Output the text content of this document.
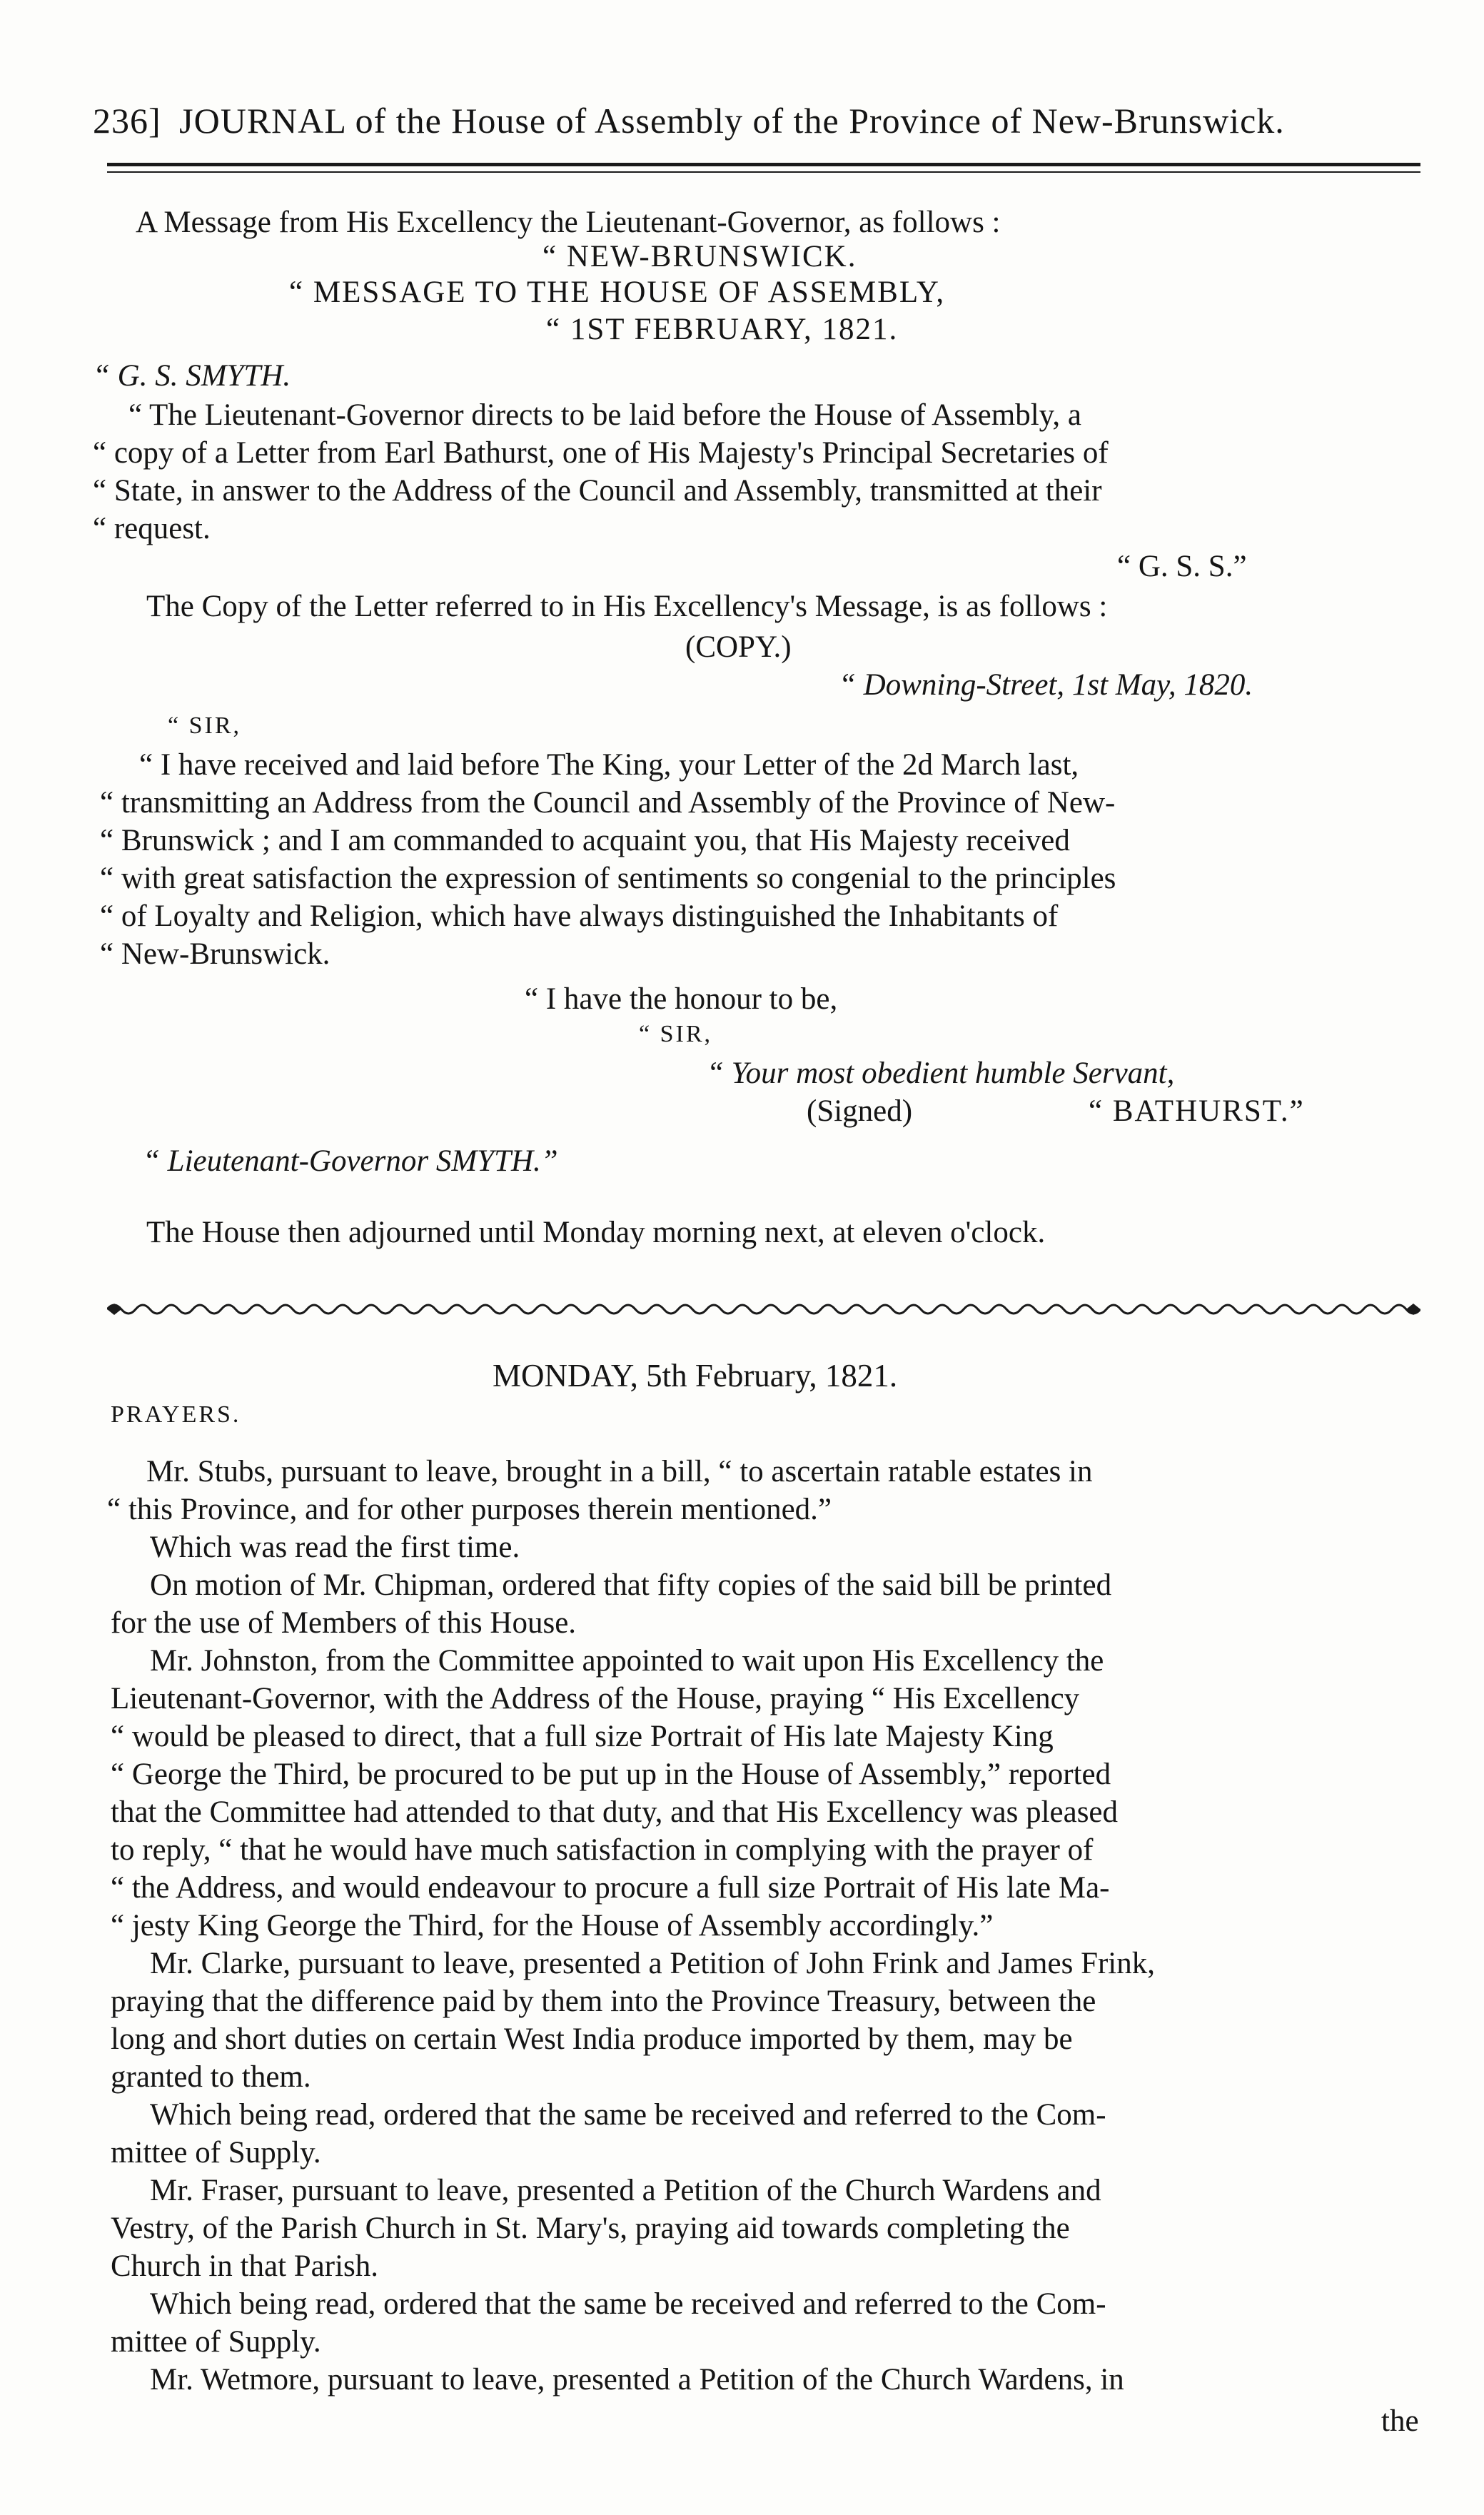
236] JOURNAL of the House of Assembly of the Province of New-Brunswick.
A Message from His Excellency the Lieutenant-Governor, as follows :
“ NEW-BRUNSWICK.
“ MESSAGE TO THE HOUSE OF ASSEMBLY,
“ 1ST FEBRUARY, 1821.
“ G. S. SMYTH.
“ The Lieutenant-Governor directs to be laid before the House of Assembly, a
“ copy of a Letter from Earl Bathurst, one of His Majesty's Principal Secretaries of
“ State, in answer to the Address of the Council and Assembly, transmitted at their
“ request.
“ G. S. S.”
The Copy of the Letter referred to in His Excellency's Message, is as follows :
(COPY.)
“ Downing-Street, 1st May, 1820.
“ SIR,
“ I have received and laid before The King, your Letter of the 2d March last,
“ transmitting an Address from the Council and Assembly of the Province of New-
“ Brunswick ; and I am commanded to acquaint you, that His Majesty received
“ with great satisfaction the expression of sentiments so congenial to the principles
“ of Loyalty and Religion, which have always distinguished the Inhabitants of
“ New-Brunswick.
“ I have the honour to be,
“ SIR,
“ Your most obedient humble Servant,
(Signed)	“ BATHURST.”
“ Lieutenant-Governor SMYTH.”
The House then adjourned until Monday morning next, at eleven o'clock.
MONDAY, 5th February, 1821.
PRAYERS.
Mr. Stubs, pursuant to leave, brought in a bill, “ to ascertain ratable estates in
“ this Province, and for other purposes therein mentioned.”
Which was read the first time.
On motion of Mr. Chipman, ordered that fifty copies of the said bill be printed
for the use of Members of this House.
Mr. Johnston, from the Committee appointed to wait upon His Excellency the
Lieutenant-Governor, with the Address of the House, praying “ His Excellency
“ would be pleased to direct, that a full size Portrait of His late Majesty King
“ George the Third, be procured to be put up in the House of Assembly,” reported
that the Committee had attended to that duty, and that His Excellency was pleased
to reply, “ that he would have much satisfaction in complying with the prayer of
“ the Address, and would endeavour to procure a full size Portrait of His late Ma-
“ jesty King George the Third, for the House of Assembly accordingly.”
Mr. Clarke, pursuant to leave, presented a Petition of John Frink and James Frink,
praying that the difference paid by them into the Province Treasury, between the
long and short duties on certain West India produce imported by them, may be
granted to them.
Which being read, ordered that the same be received and referred to the Com-
mittee of Supply.
Mr. Fraser, pursuant to leave, presented a Petition of the Church Wardens and
Vestry, of the Parish Church in St. Mary's, praying aid towards completing the
Church in that Parish.
Which being read, ordered that the same be received and referred to the Com-
mittee of Supply.
Mr. Wetmore, pursuant to leave, presented a Petition of the Church Wardens, in
the
